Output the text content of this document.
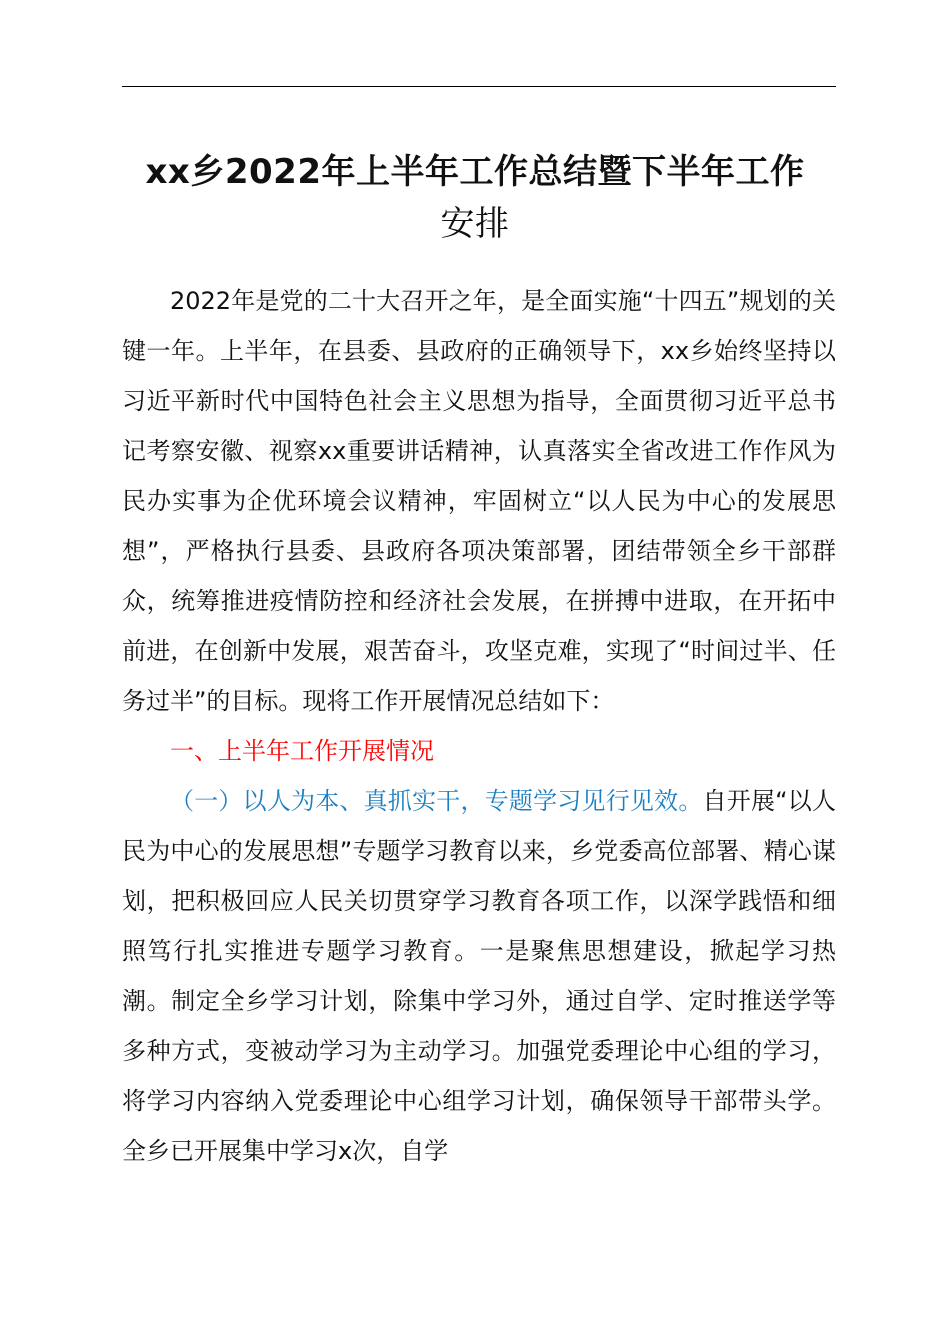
xx乡2022年上半年工作总结暨下半年工作
安排

2022年是党的二十大召开之年，是全面实施“十四五”规划的关键一年。上半年，在县委、县政府的正确领导下，xx乡始终坚持以习近平新时代中国特色社会主义思想为指导，全面贯彻习近平总书记考察安徽、视察xx重要讲话精神，认真落实全省改进工作作风为民办实事为企优环境会议精神，牢固树立“以人民为中心的发展思想”，严格执行县委、县政府各项决策部署，团结带领全乡干部群众，统筹推进疫情防控和经济社会发展，在拼搏中进取，在开拓中前进，在创新中发展，艰苦奋斗，攻坚克难，实现了“时间过半、任务过半”的目标。现将工作开展情况总结如下：

一、上半年工作开展情况

（一）以人为本、真抓实干，专题学习见行见效。自开展“以人民为中心的发展思想”专题学习教育以来，乡党委高位部署、精心谋划，把积极回应人民关切贯穿学习教育各项工作，以深学践悟和细照笃行扎实推进专题学习教育。一是聚焦思想建设，掀起学习热潮。制定全乡学习计划，除集中学习外，通过自学、定时推送学等多种方式，变被动学习为主动学习。加强党委理论中心组的学习，将学习内容纳入党委理论中心组学习计划，确保领导干部带头学。全乡已开展集中学习x次，自学
